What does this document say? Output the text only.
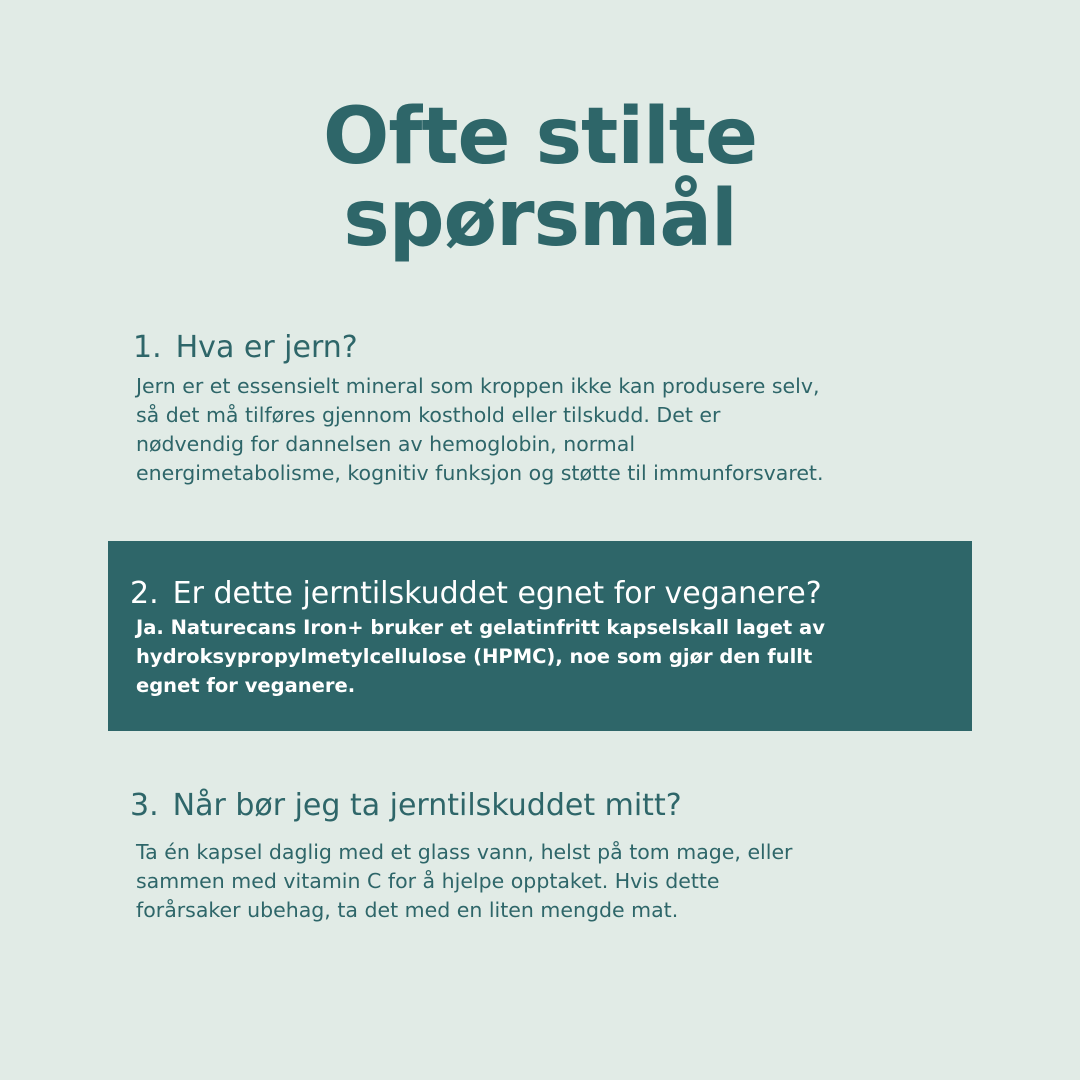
Ofte stilte
spørsmål
1. Hva er jern?

Jern er et essensielt mineral som kroppen ikke kan produsere selv,
så det må tilføres gjennom kosthold eller tilskudd. Det er
nødvendig for dannelsen av hemoglobin, normal
energimetabolisme, kognitiv funksjon og støtte til immunforsvaret.

2. Er dette jerntilskuddet egnet for veganere?

Ja. Naturecans Iron+ bruker et gelatinfritt kapselskall laget av
hydroksypropylmetylcellulose (HPMC), noe som gjør den fullt
egnet for veganere.

3. Når bør jeg ta jerntilskuddet mitt?

Ta én kapsel daglig med et glass vann, helst på tom mage, eller
sammen med vitamin C for å hjelpe opptaket. Hvis dette
forårsaker ubehag, ta det med en liten mengde mat.
